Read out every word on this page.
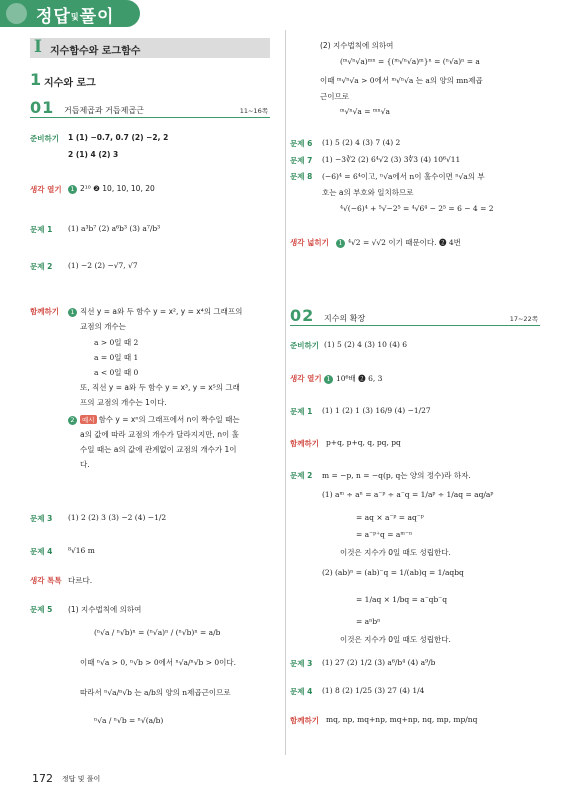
정답및풀이
I 지수함수와 로그함수
1 지수와 로그
01 거듭제곱과 거듭제곱근	11~16쪽
준비하기 1 (1) −0.7, 0.7 (2) −2, 2
2 (1) 4 (2) 3
생각 열기	1 2¹⁰ ❷ 10, 10, 10, 20
문제 1 (1) a³b⁷ (2) a⁶b³ (3) a⁷/b³
문제 2 (1) −2 (2) −√7, √7
함께하기	1 직선 y = a와 두 함수 y = x², y = x⁴의 그래프의
교점의 개수는
a > 0일 때 2
a = 0일 때 1
a < 0일 때 0
또, 직선 y = a와 두 함수 y = x³, y = x⁵의 그래
프의 교점의 개수는 1이다.
2 예시 함수 y = xⁿ의 그래프에서 n이 짝수일 때는
a의 값에 따라 교점의 개수가 달라지지만, n이 홀
수일 때는 a의 값에 관계없이 교점의 개수가 1이
다.
문제 3 (1) 2 (2) 3 (3) −2 (4) −1/2
문제 4 ⁸√16 m
생각 톡톡 다르다.
문제 5 (1) 지수법칙에 의하여
(ⁿ√a / ⁿ√b)ⁿ = (ⁿ√a)ⁿ / (ⁿ√b)ⁿ = a/b
이때 ⁿ√a > 0, ⁿ√b > 0에서 ⁿ√a/ⁿ√b > 0이다.
따라서 ⁿ√a/ⁿ√b 는 a/b의 양의 n제곱근이므로
ⁿ√a / ⁿ√b = ⁿ√(a/b)
(2) 지수법칙에 의하여
(ᵐ√ⁿ√a)ᵐⁿ = {(ᵐ√ⁿ√a)ᵐ}ⁿ = (ⁿ√a)ⁿ = a
이때 ᵐ√ⁿ√a > 0에서 ᵐ√ⁿ√a 는 a의 양의 mn제곱
근이므로
ᵐ√ⁿ√a = ᵐⁿ√a
문제 6 (1) 5 (2) 4 (3) 7 (4) 2
문제 7 (1) −3∛2 (2) 6⁴√2 (3) 3∜3 (4) 10⁶√11
문제 8 (−6)⁴ = 6⁴이고, ⁿ√a에서 n이 홀수이면 ⁿ√a의 부
호는 a의 부호와 일치하므로
⁴√(−6)⁴ + ⁵√−2⁵ = ⁴√6⁴ − 2⁵ = 6 − 4 = 2
생각 넓히기	1 ⁴√2 = √√2 이기 때문이다. ❷ 4번
02 지수의 확장	17~22쪽
준비하기 (1) 5 (2) 4 (3) 10 (4) 6
생각 열기 1 10⁶배 ❷ 6, 3
문제 1 (1) 1 (2) 1 (3) 16/9 (4) −1/27
함께하기 p+q, p+q, q, pq, pq
문제 2 m = −p, n = −q(p, q는 양의 정수)라 하자.
(1) aᵐ ÷ aⁿ = a⁻ᵖ ÷ a⁻q = 1/aᵖ ÷ 1/aq = aq/aᵖ
= aq × a⁻ᵖ = aq⁻ᵖ
= a⁻ᵖ⁺q = aᵐ⁻ⁿ
이것은 지수가 0일 때도 성립한다.
(2) (ab)ⁿ = (ab)⁻q = 1/(ab)q = 1/aqbq
= 1/aq × 1/bq = a⁻qb⁻q
= aⁿbⁿ
이것은 지수가 0일 때도 성립한다.
문제 3 (1) 27 (2) 1/2 (3) a⁶/b⁴ (4) a⁹/b
문제 4 (1) 8 (2) 1/25 (3) 27 (4) 1/4
함께하기 mq, np, mq+np, mq+np, nq, mp, mp/nq
172 정답 및 풀이
